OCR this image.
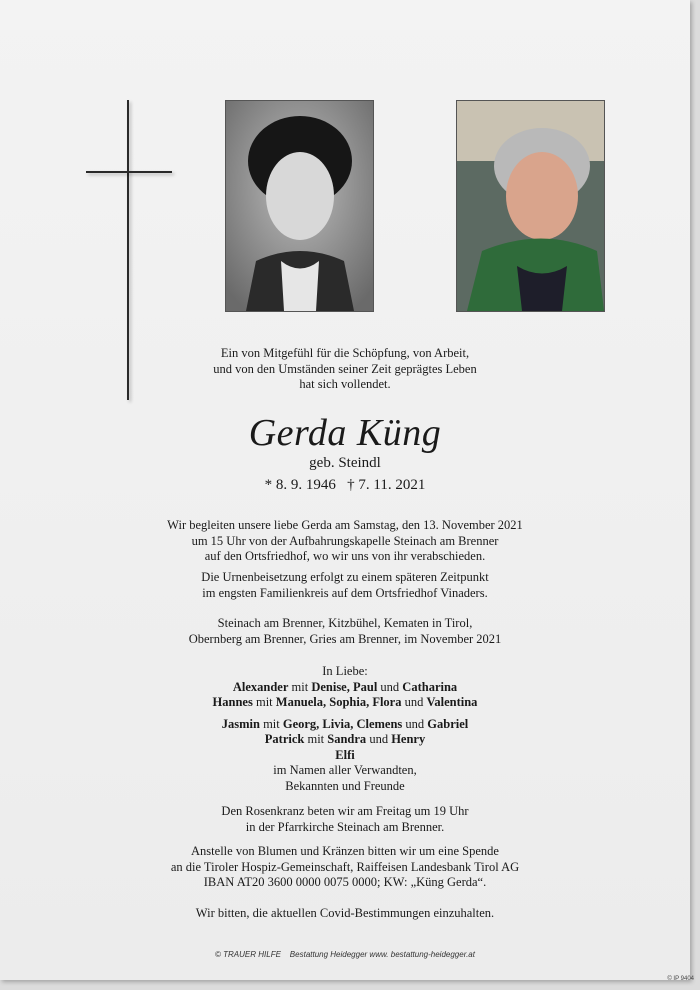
Ein von Mitgefühl für die Schöpfung, von Arbeit,
und von den Umständen seiner Zeit geprägtes Leben
hat sich vollendet.
Gerda Küng
geb. Steindl
* 8. 9. 1946   † 7. 11. 2021
Wir begleiten unsere liebe Gerda am Samstag, den 13. November 2021
um 15 Uhr von der Aufbahrungskapelle Steinach am Brenner
auf den Ortsfriedhof, wo wir uns von ihr verabschieden.
Die Urnenbeisetzung erfolgt zu einem späteren Zeitpunkt
im engsten Familienkreis auf dem Ortsfriedhof Vinaders.
Steinach am Brenner, Kitzbühel, Kematen in Tirol,
Obernberg am Brenner, Gries am Brenner, im November 2021
In Liebe:
Alexander mit Denise, Paul und Catharina
Hannes mit Manuela, Sophia, Flora und Valentina
Jasmin mit Georg, Livia, Clemens und Gabriel
Patrick mit Sandra und Henry
Elfi
im Namen aller Verwandten,
Bekannten und Freunde
Den Rosenkranz beten wir am Freitag um 19 Uhr
in der Pfarrkirche Steinach am Brenner.
Anstelle von Blumen und Kränzen bitten wir um eine Spende
an die Tiroler Hospiz-Gemeinschaft, Raiffeisen Landesbank Tirol AG
IBAN AT20 3600 0000 0075 0000; KW: „Küng Gerda“.
Wir bitten, die aktuellen Covid-Bestimmungen einzuhalten.
© TRAUER HILFE    Bestattung Heidegger www. bestattung-heidegger.at
© IP 9404
